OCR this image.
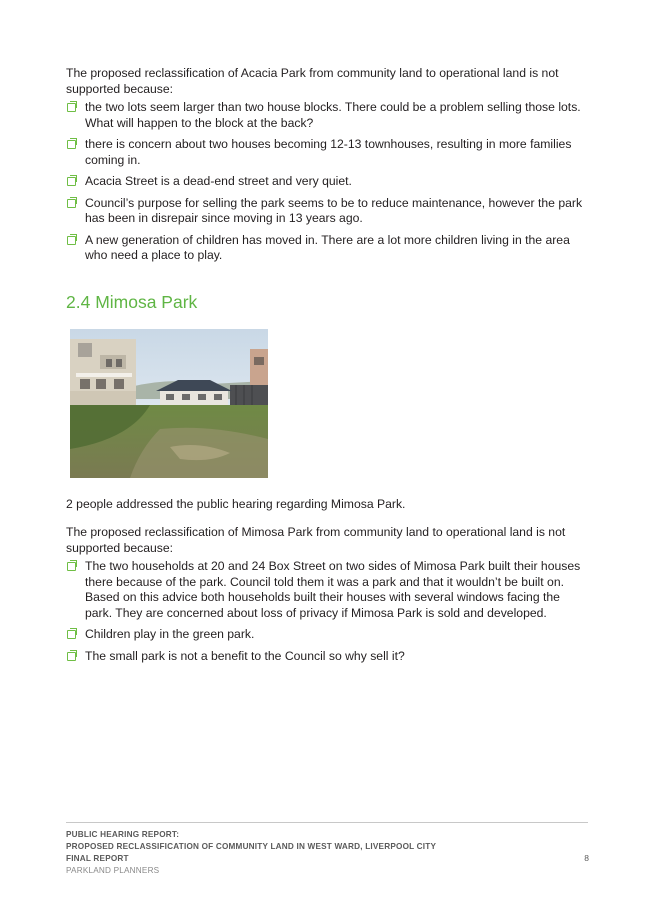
The proposed reclassification of Acacia Park from community land to operational land is not supported because:

the two lots seem larger than two house blocks. There could be a problem selling those lots. What will happen to the block at the back?
there is concern about two houses becoming 12-13 townhouses, resulting in more families coming in.
Acacia Street is a dead-end street and very quiet.
Council’s purpose for selling the park seems to be to reduce maintenance, however the park has been in disrepair since moving in 13 years ago.
A new generation of children has moved in. There are a lot more children living in the area who need a place to play.
2.4 Mimosa Park

2 people addressed the public hearing regarding Mimosa Park.

The proposed reclassification of Mimosa Park from community land to operational land is not supported because:

The two households at 20 and 24 Box Street on two sides of Mimosa Park built their houses there because of the park. Council told them it was a park and that it wouldn’t be built on. Based on this advice both households built their houses with several windows facing the park. They are concerned about loss of privacy if Mimosa Park is sold and developed.
Children play in the green park.
The small park is not a benefit to the Council so why sell it?
PUBLIC HEARING REPORT:
PROPOSED RECLASSIFICATION OF COMMUNITY LAND IN WEST WARD, LIVERPOOL CITY
FINAL REPORT
PARKLAND PLANNERS
8
